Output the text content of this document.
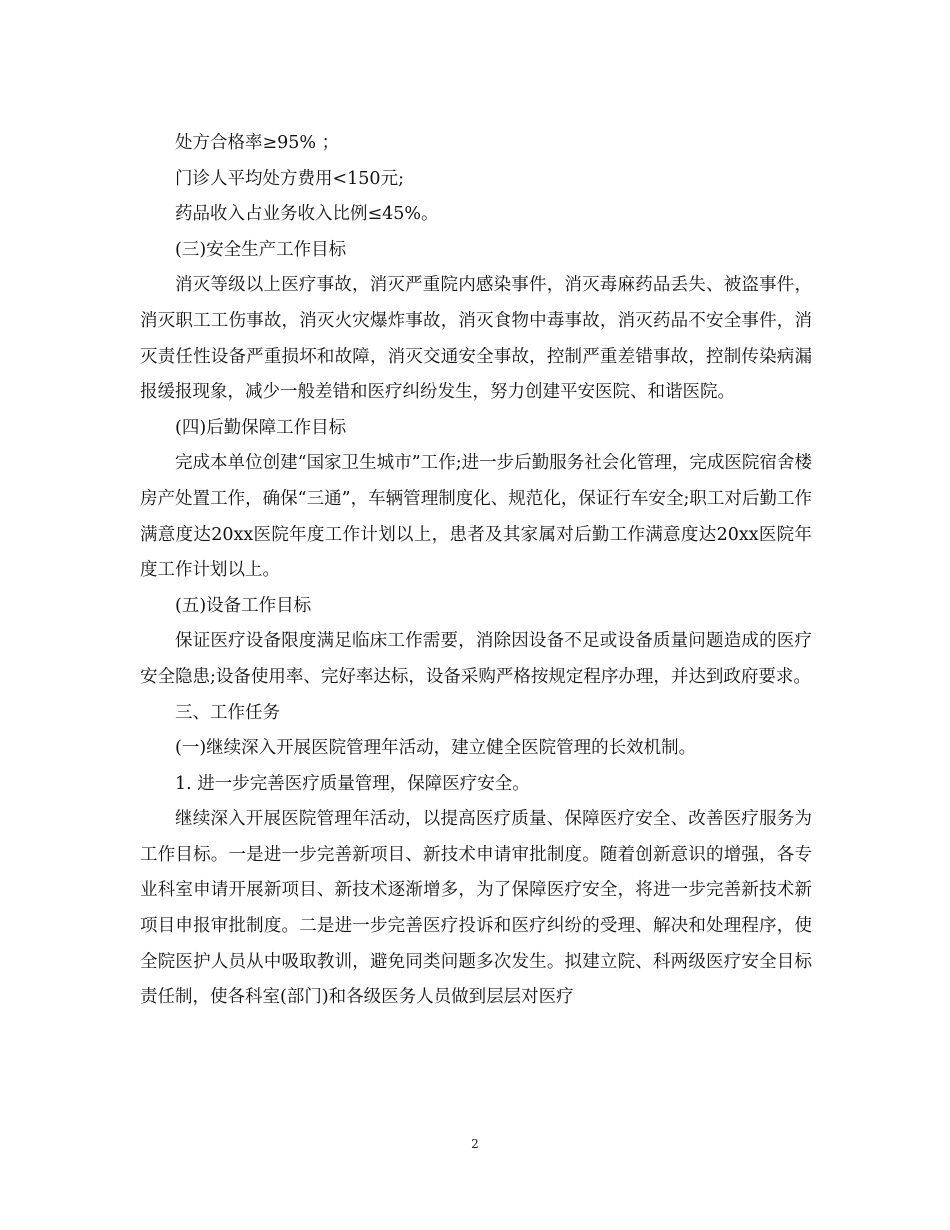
处方合格率≥95% ；

门诊人平均处方费用<150元;

药品收入占业务收入比例≤45%。

(三)安全生产工作目标

消灭等级以上医疗事故，消灭严重院内感染事件，消灭毒麻药品丢失、被盗事件，消灭职工工伤事故，消灭火灾爆炸事故，消灭食物中毒事故，消灭药品不安全事件，消灭责任性设备严重损坏和故障，消灭交通安全事故，控制严重差错事故，控制传染病漏报缓报现象，减少一般差错和医疗纠纷发生，努力创建平安医院、和谐医院。

(四)后勤保障工作目标

完成本单位创建“国家卫生城市”工作;进一步后勤服务社会化管理，完成医院宿舍楼房产处置工作，确保“三通”，车辆管理制度化、规范化，保证行车安全;职工对后勤工作满意度达20xx医院年度工作计划以上，患者及其家属对后勤工作满意度达20xx医院年度工作计划以上。

(五)设备工作目标

保证医疗设备限度满足临床工作需要，消除因设备不足或设备质量问题造成的医疗安全隐患;设备使用率、完好率达标，设备采购严格按规定程序办理，并达到政府要求。

三、工作任务

(一)继续深入开展医院管理年活动，建立健全医院管理的长效机制。

1. 进一步完善医疗质量管理，保障医疗安全。

继续深入开展医院管理年活动，以提高医疗质量、保障医疗安全、改善医疗服务为工作目标。一是进一步完善新项目、新技术申请审批制度。随着创新意识的增强，各专业科室申请开展新项目、新技术逐渐增多，为了保障医疗安全，将进一步完善新技术新项目申报审批制度。二是进一步完善医疗投诉和医疗纠纷的受理、解决和处理程序，使全院医护人员从中吸取教训，避免同类问题多次发生。拟建立院、科两级医疗安全目标责任制，使各科室(部门)和各级医务人员做到层层对医疗

2
